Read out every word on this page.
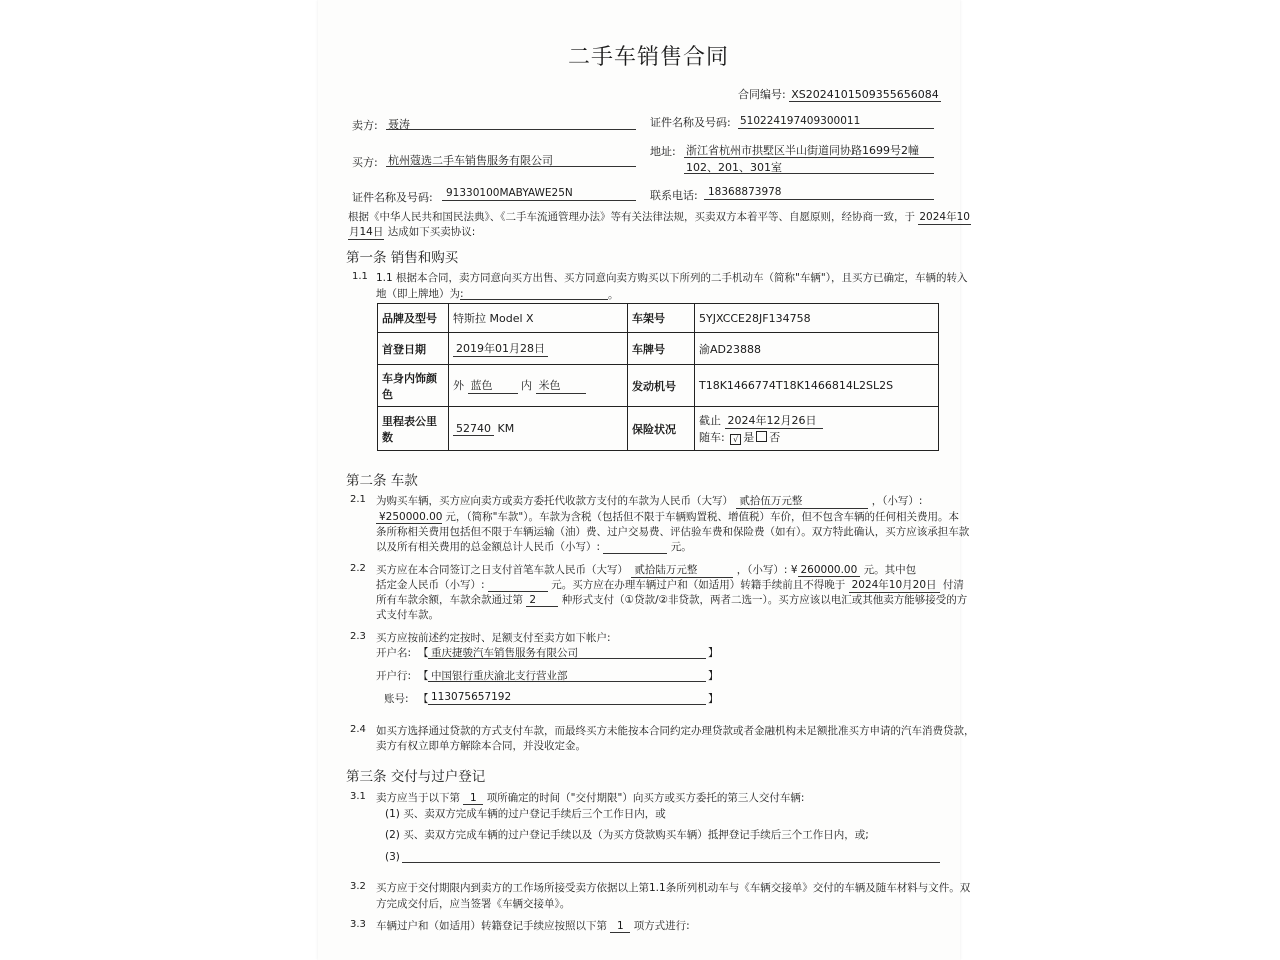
二手车销售合同
合同编号: XS2024101509355656084
卖方: 聂涛	证件名称及号码: 510224197409300011
买方: 杭州蔻选二手车销售服务有限公司
地址: 浙江省杭州市拱墅区半山街道同协路1699号2幢
102、201、301室
证件名称及号码: 91330100MABYAWE25N	联系电话: 18368873978
根据《中华人民共和国民法典》、《二手车流通管理办法》等有关法律法规，买卖双方本着平等、自愿原则，经协商一致，于 2024年10
月14日 达成如下买卖协议:
第一条 销售和购买
1.1 1.1 根据本合同，卖方同意向买方出售、买方同意向卖方购买以下所列的二手机动车（简称"车辆"），且买方已确定，车辆的转入
地（即上牌地）为:	。
品牌及型号	特斯拉 Model X	车架号	5YJXCCE28JF134758
首登日期	2019年01月28日	车牌号	渝AD23888
车身内饰颜
色	外 蓝色 内 米色	发动机号	T18K1466774T18K1466814L2SL2S
里程表公里
数	52740 KM	保险状况	截止 2024年12月26日
随车: √ 是 否
第二条 车款
2.1 为购买车辆，买方应向卖方或卖方委托代收款方支付的车款为人民币（大写） 贰拾伍万元整	，（小写）:
¥250000.00 元，（简称"车款"）。车款为含税（包括但不限于车辆购置税、增值税）车价，但不包含车辆的任何相关费用。本
条所称相关费用包括但不限于车辆运输（油）费、过户交易费、评估验车费和保险费（如有）。双方特此确认，买方应该承担车款
以及所有相关费用的总金额总计人民币（小写）:	元。
2.2 买方应在本合同签订之日支付首笔车款人民币（大写） 贰拾陆万元整	，（小写）: ¥ 260000.00 元。其中包
括定金人民币（小写）:	元。买方应在办理车辆过户和（如适用）转籍手续前且不得晚于 2024年10月20日 付清
所有车款余额，车款余款通过第 2 种形式支付（①贷款/②非贷款，两者二选一）。买方应该以电汇或其他卖方能够接受的方
式支付车款。
2.3 买方应按前述约定按时、足额支付至卖方如下帐户:
开户名: 【 重庆捷骏汽车销售服务有限公司	】
开户行: 【 中国银行重庆渝北支行营业部	】
账号: 【 113075657192	】
2.4 如买方选择通过贷款的方式支付车款，而最终买方未能按本合同约定办理贷款或者金融机构未足额批准买方申请的汽车消费贷款，
卖方有权立即单方解除本合同，并没收定金。
第三条 交付与过户登记
3.1 卖方应当于以下第 1 项所确定的时间（"交付期限"）向买方或买方委托的第三人交付车辆:
(1) 买、卖双方完成车辆的过户登记手续后三个工作日内，或
(2) 买、卖双方完成车辆的过户登记手续以及（为买方贷款购买车辆）抵押登记手续后三个工作日内，或;
(3)
3.2 买方应于交付期限内到卖方的工作场所接受卖方依据以上第1.1条所列机动车与《车辆交接单》交付的车辆及随车材料与文件。双
方完成交付后，应当签署《车辆交接单》。
3.3 车辆过户和（如适用）转籍登记手续应按照以下第 1 项方式进行:
